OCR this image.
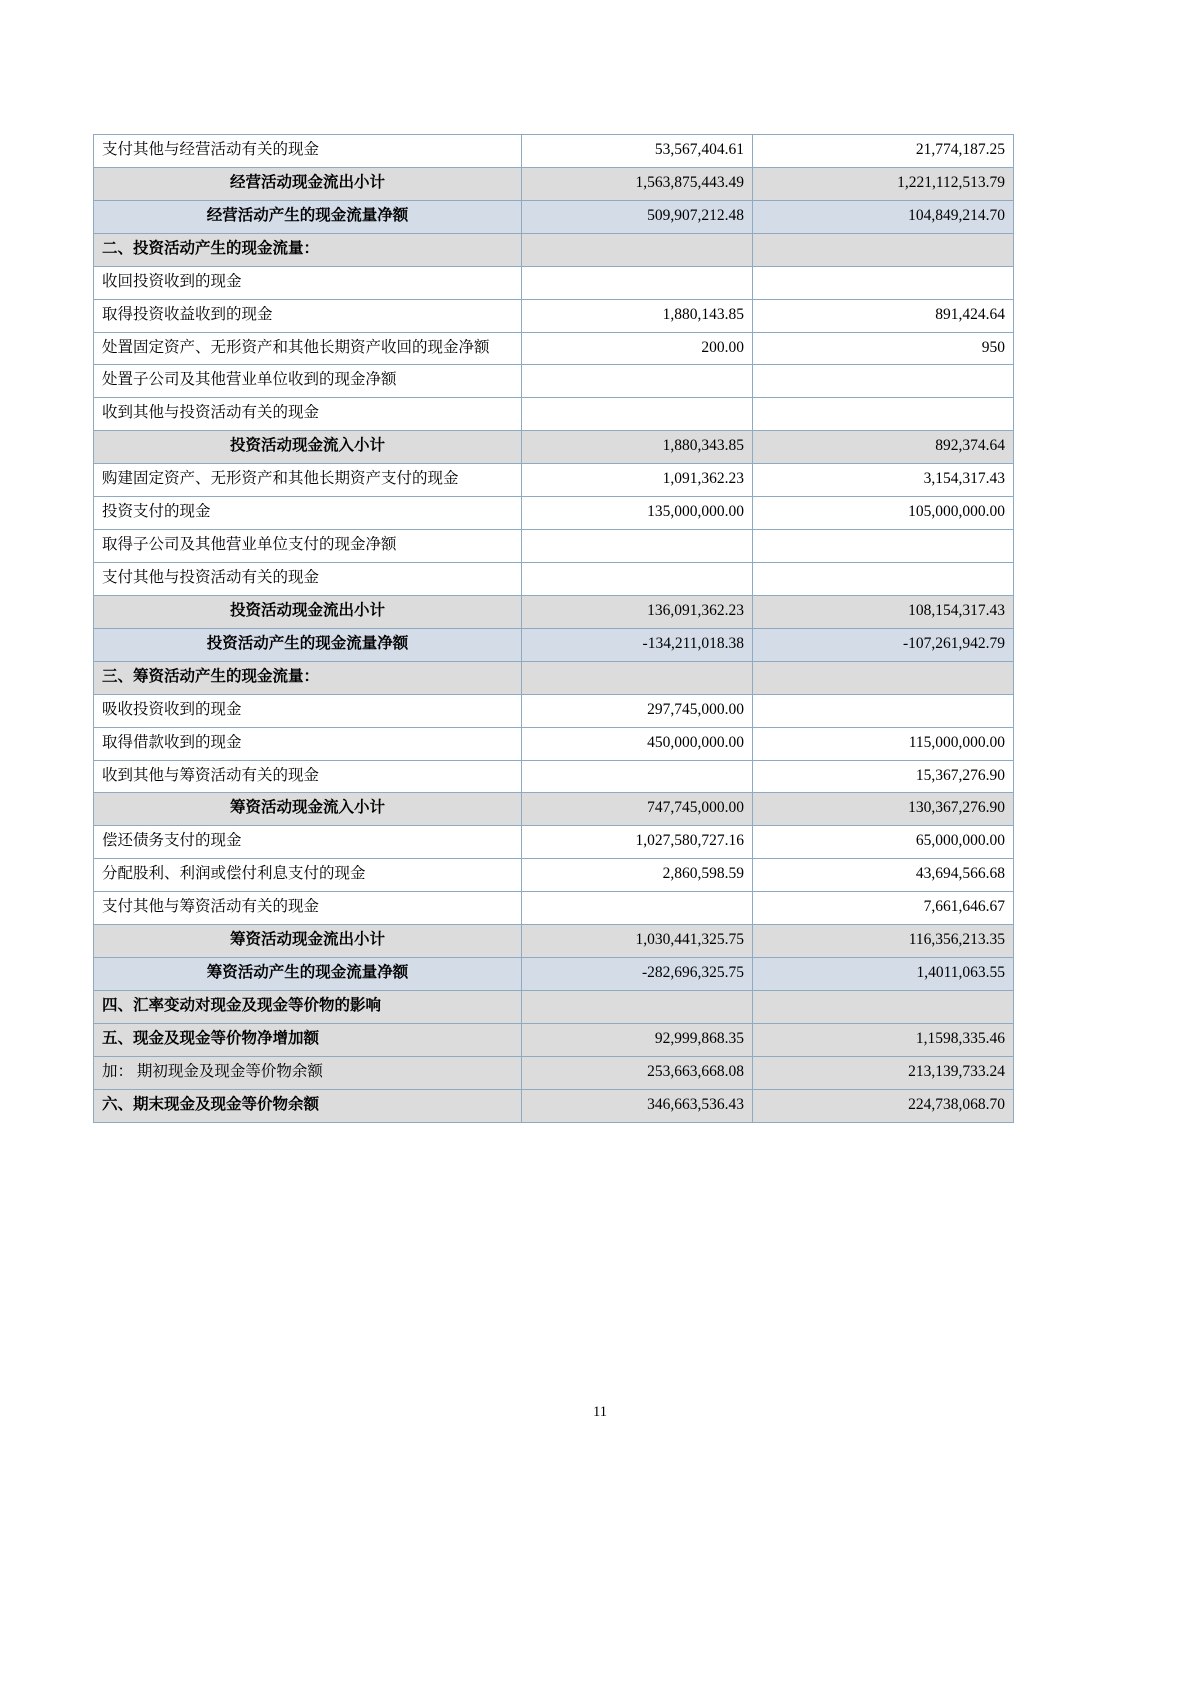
支付其他与经营活动有关的现金	53,567,404.61	21,774,187.25
经营活动现金流出小计	1,563,875,443.49	1,221,112,513.79
经营活动产生的现金流量净额	509,907,212.48	104,849,214.70
二、投资活动产生的现金流量：		
收回投资收到的现金		
取得投资收益收到的现金	1,880,143.85	891,424.64
处置固定资产、无形资产和其他长期资产收回的现金净额	200.00	950
处置子公司及其他营业单位收到的现金净额		
收到其他与投资活动有关的现金		
投资活动现金流入小计	1,880,343.85	892,374.64
购建固定资产、无形资产和其他长期资产支付的现金	1,091,362.23	3,154,317.43
投资支付的现金	135,000,000.00	105,000,000.00
取得子公司及其他营业单位支付的现金净额		
支付其他与投资活动有关的现金		
投资活动现金流出小计	136,091,362.23	108,154,317.43
投资活动产生的现金流量净额	-134,211,018.38	-107,261,942.79
三、筹资活动产生的现金流量：		
吸收投资收到的现金	297,745,000.00	
取得借款收到的现金	450,000,000.00	115,000,000.00
收到其他与筹资活动有关的现金		15,367,276.90
筹资活动现金流入小计	747,745,000.00	130,367,276.90
偿还债务支付的现金	1,027,580,727.16	65,000,000.00
分配股利、利润或偿付利息支付的现金	2,860,598.59	43,694,566.68
支付其他与筹资活动有关的现金		7,661,646.67
筹资活动现金流出小计	1,030,441,325.75	116,356,213.35
筹资活动产生的现金流量净额	-282,696,325.75	1,4011,063.55
四、汇率变动对现金及现金等价物的影响		
五、现金及现金等价物净增加额	92,999,868.35	1,1598,335.46
加： 期初现金及现金等价物余额	253,663,668.08	213,139,733.24
六、期末现金及现金等价物余额	346,663,536.43	224,738,068.70
11
